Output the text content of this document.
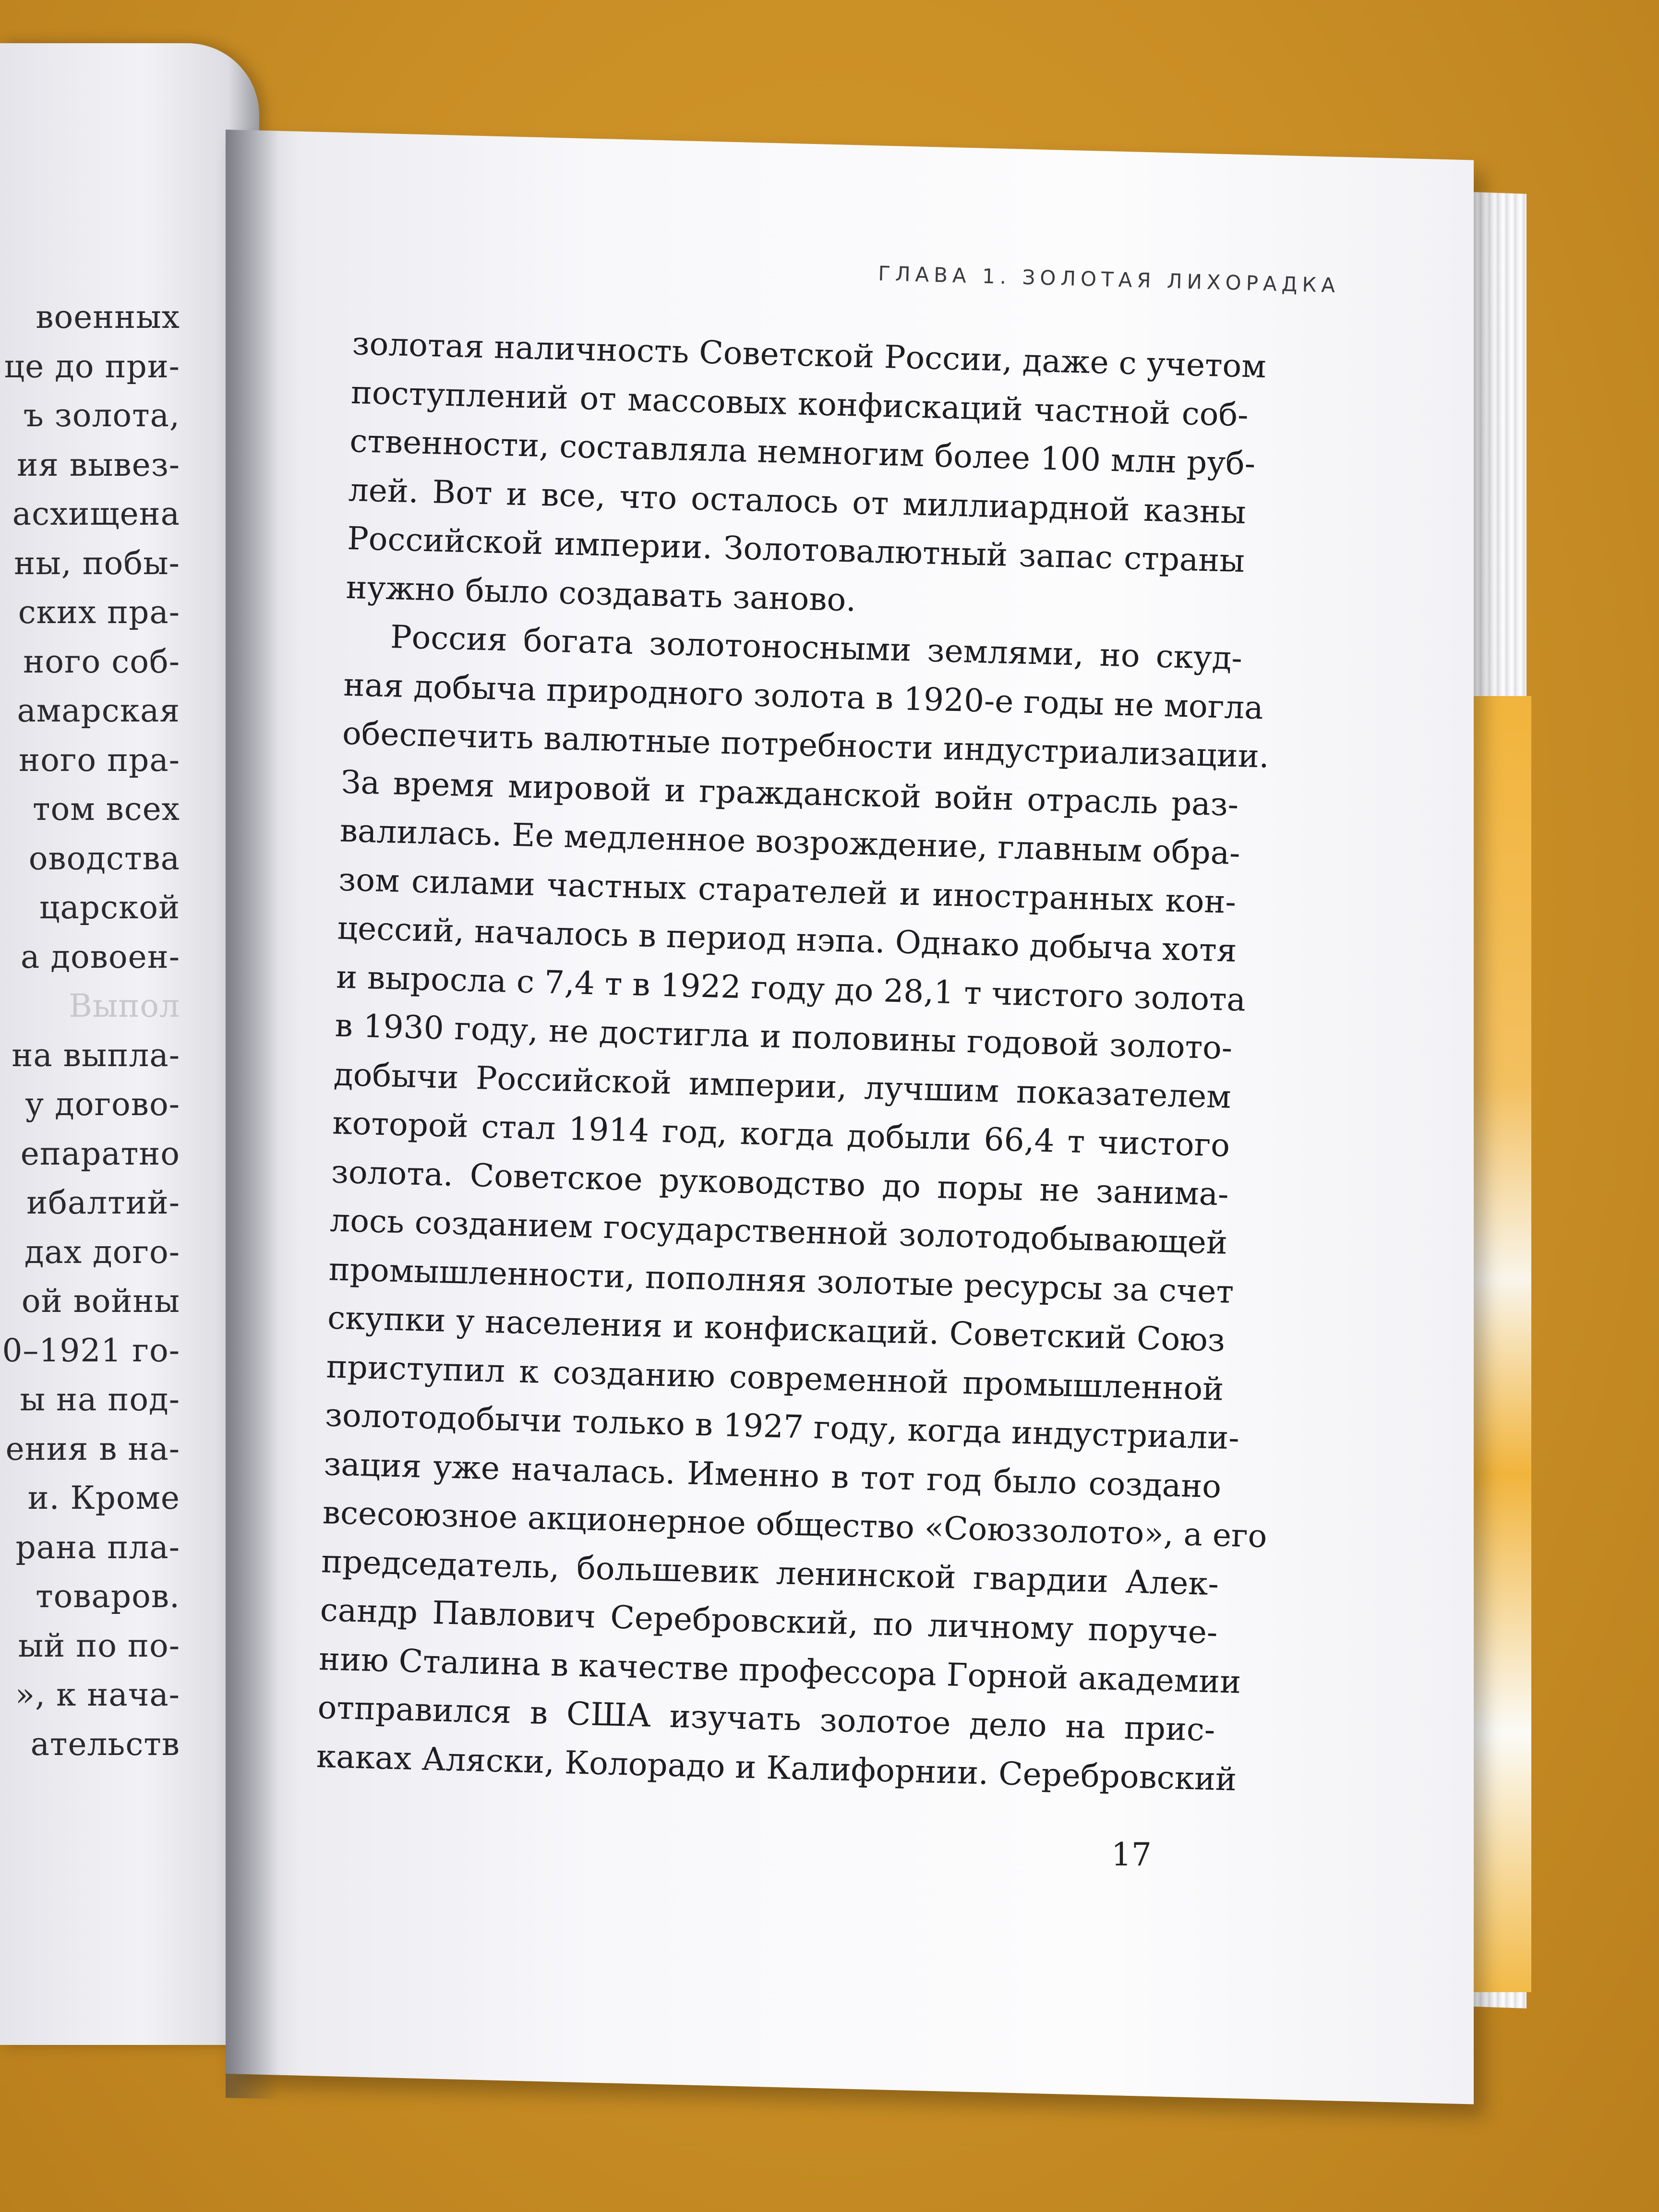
военных
це до при-
ъ золота,
ия вывез-
асхищена
ны, побы-
ских пра-
ного соб-
амарская
ного пра-
том всех
оводства
царской
а довоен-
Выпол
на выпла-
у догово-
епаратно
ибалтий-
дах дого-
ой войны
0–1921 го-
ы на под-
ения в на-
и. Кроме
рана пла-
товаров.
ый по по-
», к нача-
ательств
ГЛАВА 1. ЗОЛОТАЯ ЛИХОРАДКА
золотая наличность Советской России, даже с учетом
поступлений от массовых конфискаций частной соб-
ственности, составляла немногим более 100 млн руб-
лей. Вот и все, что осталось от миллиардной казны
Российской империи. Золотовалютный запас страны
нужно было создавать заново.
Россия богата золотоносными землями, но скуд-
ная добыча природного золота в 1920-е годы не могла
обеспечить валютные потребности индустриализации.
За время мировой и гражданской войн отрасль раз-
валилась. Ее медленное возрождение, главным обра-
зом силами частных старателей и иностранных кон-
цессий, началось в период нэпа. Однако добыча хотя
и выросла с 7,4 т в 1922 году до 28,1 т чистого золота
в 1930 году, не достигла и половины годовой золото-
добычи Российской империи, лучшим показателем
которой стал 1914 год, когда добыли 66,4 т чистого
золота. Советское руководство до поры не занима-
лось созданием государственной золотодобывающей
промышленности, пополняя золотые ресурсы за счет
скупки у населения и конфискаций. Советский Союз
приступил к созданию современной промышленной
золотодобычи только в 1927 году, когда индустриали-
зация уже началась. Именно в тот год было создано
всесоюзное акционерное общество «Союззолото», а его
председатель, большевик ленинской гвардии Алек-
сандр Павлович Серебровский, по личному поруче-
нию Сталина в качестве профессора Горной академии
отправился в США изучать золотое дело на прис-
каках Аляски, Колорадо и Калифорнии. Серебровский
17
